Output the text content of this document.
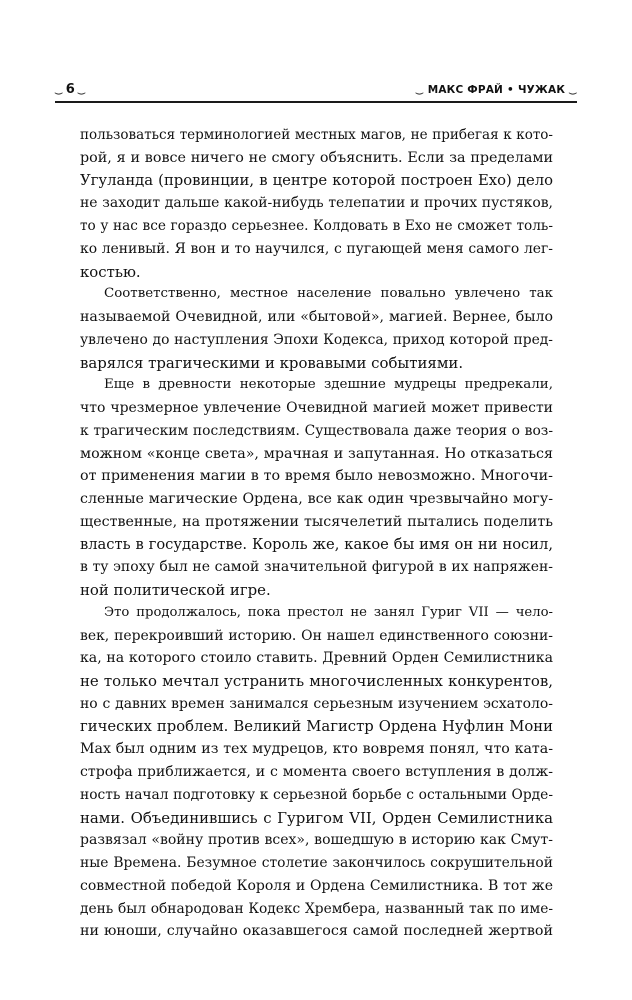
⏝ 6 ⏝	⏝ МАКС ФРАЙ • ЧУЖАК ⏝
пользоваться терминологией местных магов, не прибегая к кото-
рой, я и вовсе ничего не смогу объяснить. Если за пределами
Угуланда (провинции, в центре которой построен Ехо) дело
не заходит дальше какой-нибудь телепатии и прочих пустяков,
то у нас все гораздо серьезнее. Колдовать в Ехо не сможет толь-
ко ленивый. Я вон и то научился, с пугающей меня самого лег-
костью.
Соответственно, местное население повально увлечено так
называемой Очевидной, или «бытовой», магией. Вернее, было
увлечено до наступления Эпохи Кодекса, приход которой пред-
варялся трагическими и кровавыми событиями.
Еще в древности некоторые здешние мудрецы предрекали,
что чрезмерное увлечение Очевидной магией может привести
к трагическим последствиям. Существовала даже теория о воз-
можном «конце света», мрачная и запутанная. Но отказаться
от применения магии в то время было невозможно. Многочи-
сленные магические Ордена, все как один чрезвычайно могу-
щественные, на протяжении тысячелетий пытались поделить
власть в государстве. Король же, какое бы имя он ни носил,
в ту эпоху был не самой значительной фигурой в их напряжен-
ной политической игре.
Это продолжалось, пока престол не занял Гуриг VII — чело-
век, перекроивший историю. Он нашел единственного союзни-
ка, на которого стоило ставить. Древний Орден Семилистника
не только мечтал устранить многочисленных конкурентов,
но с давних времен занимался серьезным изучением эсхатоло-
гических проблем. Великий Магистр Ордена Нуфлин Мони
Мах был одним из тех мудрецов, кто вовремя понял, что ката-
строфа приближается, и с момента своего вступления в долж-
ность начал подготовку к серьезной борьбе с остальными Орде-
нами. Объединившись с Гуригом VII, Орден Семилистника
развязал «войну против всех», вошедшую в историю как Смут-
ные Времена. Безумное столетие закончилось сокрушительной
совместной победой Короля и Ордена Семилистника. В тот же
день был обнародован Кодекс Хрембера, названный так по име-
ни юноши, случайно оказавшегося самой последней жертвой
